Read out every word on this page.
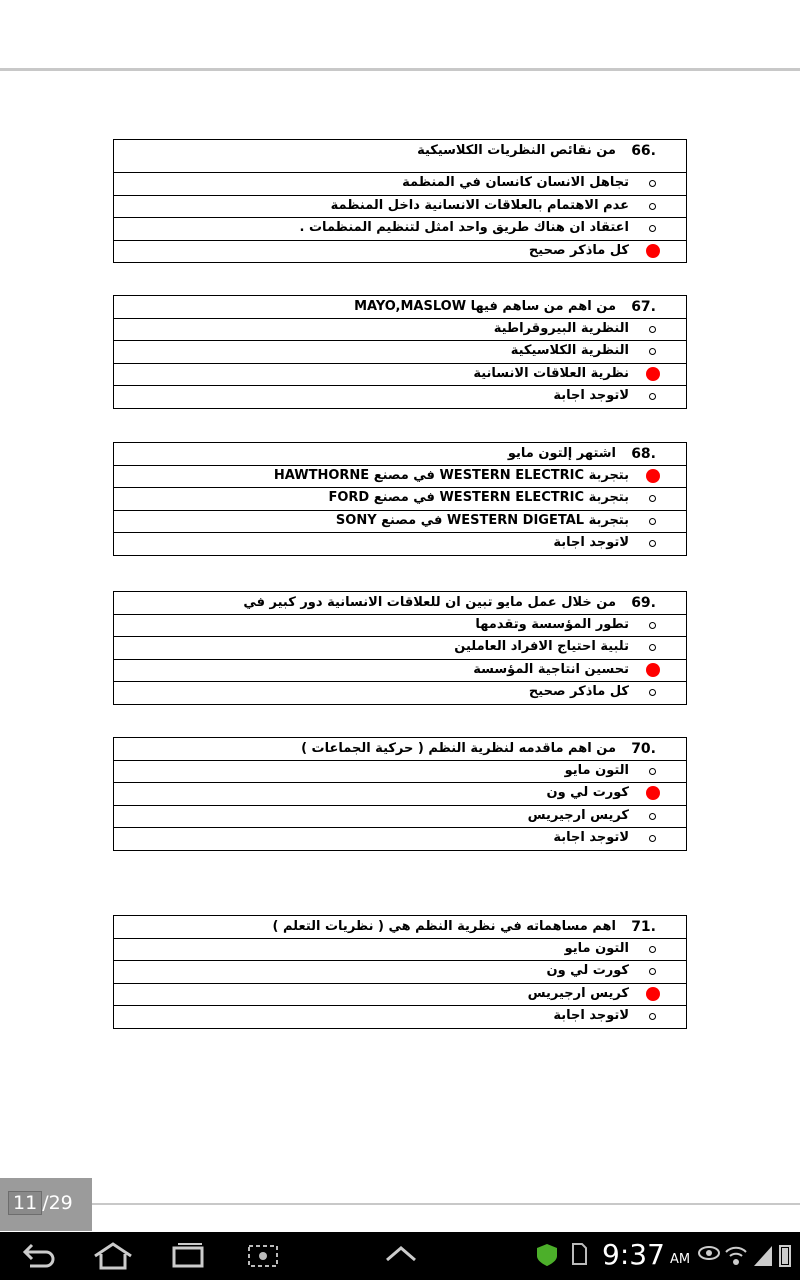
66.
من نقائص النظريات الكلاسيكية
تجاهل الانسان كانسان في المنظمة
عدم الاهتمام بالعلاقات الانسانية داخل المنظمة
اعتقاد ان هناك طريق واحد امثل لتنظيم المنظمات .
كل ماذكر صحيح
67.
من اهم من ساهم فيها MAYO,MASLOW
النظرية البيروقراطية
النظرية الكلاسيكية
نظرية العلاقات الانسانية
لاتوجد اجابة
68.
اشتهر إلتون مايو
بتجربة WESTERN ELECTRIC في مصنع HAWTHORNE
بتجربة WESTERN ELECTRIC في مصنع FORD
بتجربة WESTERN DIGETAL في مصنع SONY
لاتوجد اجابة
69.
من خلال عمل مايو تبين ان للعلاقات الانسانية دور كبير في
تطور المؤسسة وتقدمها
تلبية احتياج الافراد العاملين
تحسين انتاجية المؤسسة
كل ماذكر صحيح
70.
من اهم ماقدمه لنظرية النظم ( حركية الجماعات )
التون مايو
كورت لي ون
كريس ارجيريس
لاتوجد اجابة
71.
اهم مساهماته في نظرية النظم هي ( نظريات التعلم )
التون مايو
كورت لي ون
كريس ارجيريس
لاتوجد اجابة
11 /29
9:37 AM
